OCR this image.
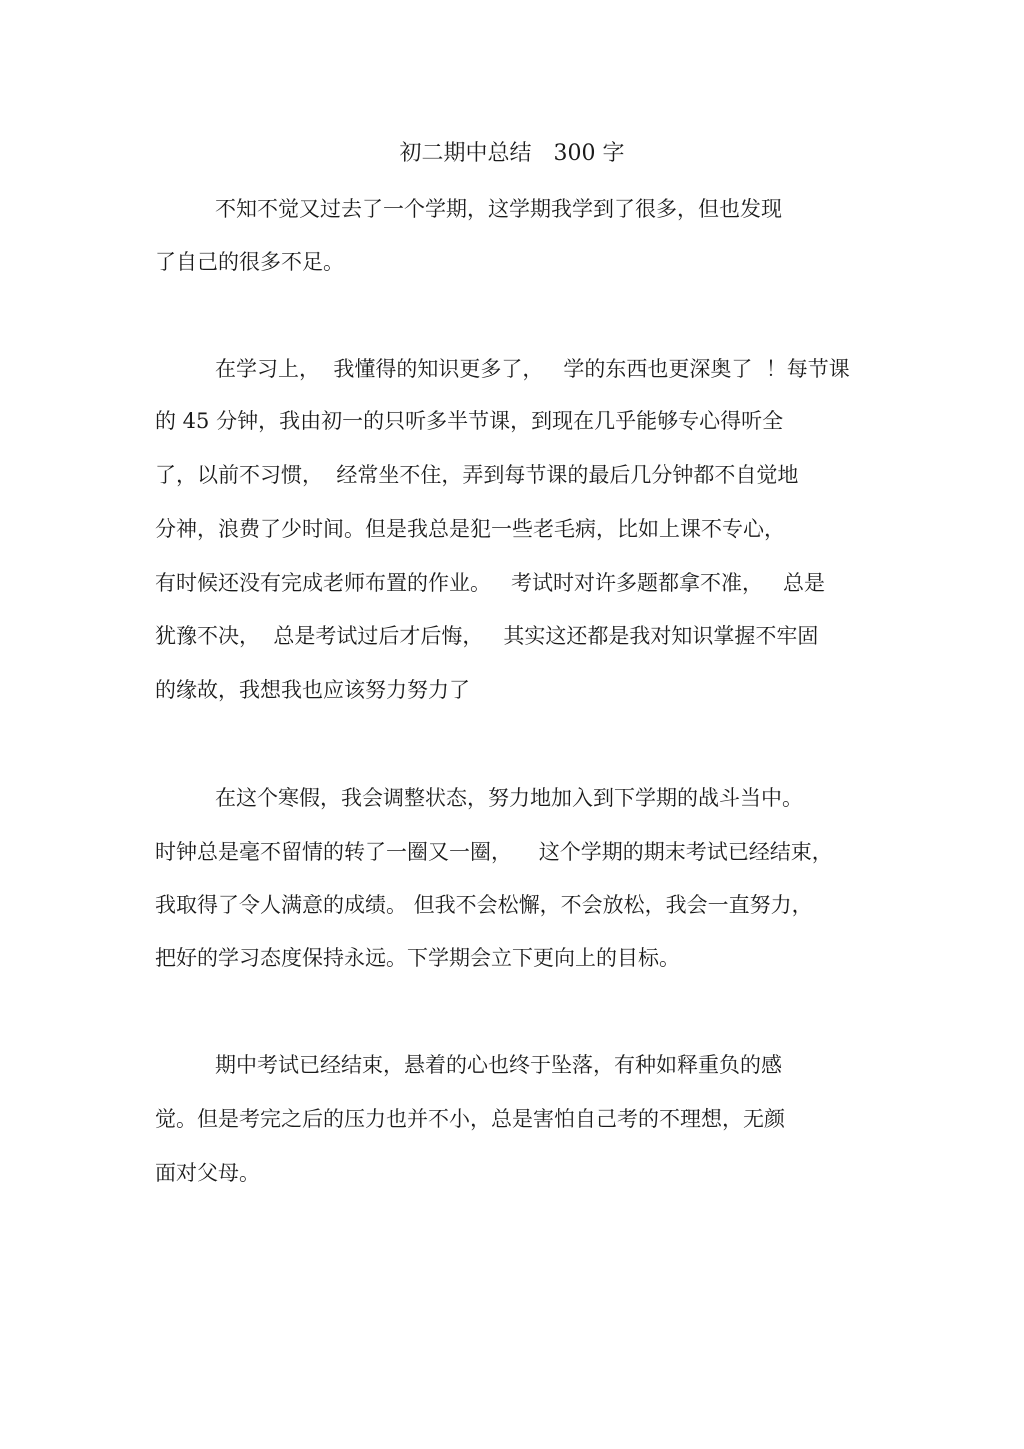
初二期中总结　300 字
不知不觉又过去了一个学期，这学期我学到了很多，但也发现
了自己的很多不足。
在学习上，  我懂得的知识更多了，   学的东西也更深奥了  ！每节课
的 45 分钟，我由初一的只听多半节课，到现在几乎能够专心得听全
了，以前不习惯，  经常坐不住，弄到每节课的最后几分钟都不自觉地
分神，浪费了少时间。但是我总是犯一些老毛病，比如上课不专心，
有时候还没有完成老师布置的作业。   考试时对许多题都拿不准，   总是
犹豫不决，  总是考试过后才后悔，   其实这还都是我对知识掌握不牢固
的缘故，我想我也应该努力努力了
在这个寒假，我会调整状态，努力地加入到下学期的战斗当中。
时钟总是毫不留情的转了一圈又一圈，    这个学期的期末考试已经结束，
我取得了令人满意的成绩。 但我不会松懈，不会放松，我会一直努力，
把好的学习态度保持永远。下学期会立下更向上的目标。
期中考试已经结束，悬着的心也终于坠落，有种如释重负的感
觉。但是考完之后的压力也并不小，总是害怕自己考的不理想，无颜
面对父母。
